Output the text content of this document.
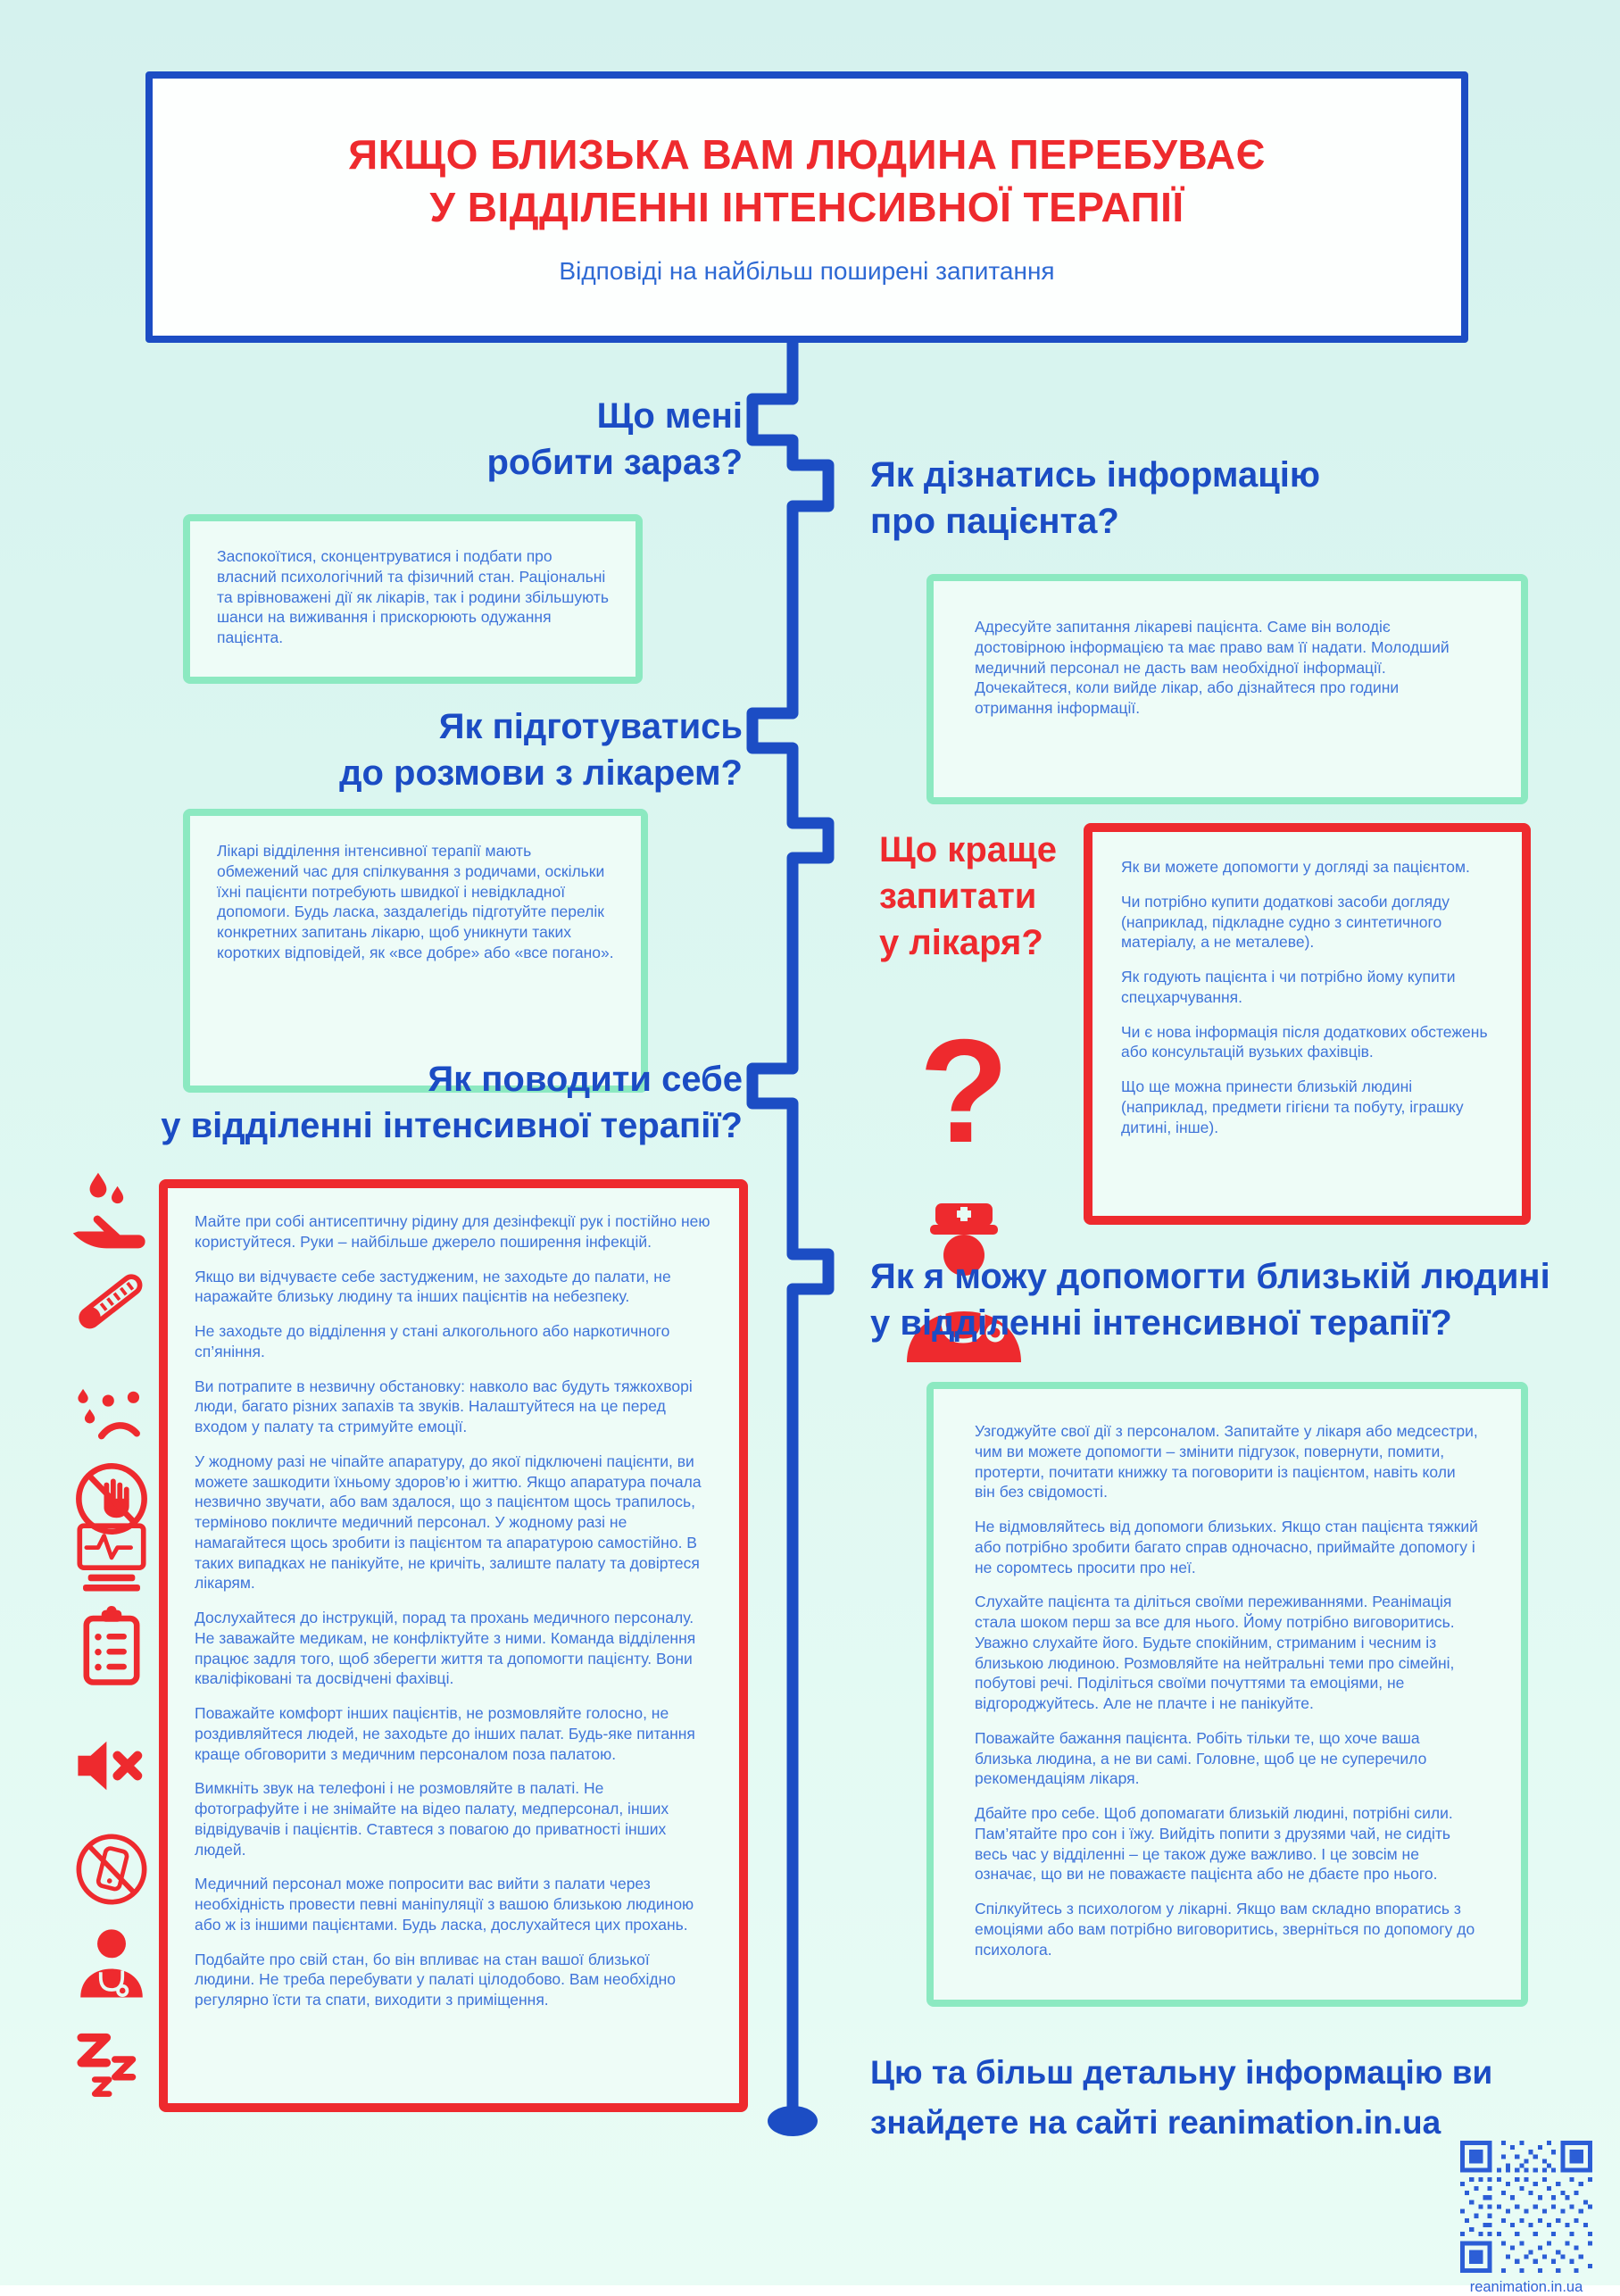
ЯКЩО БЛИЗЬКА ВАМ ЛЮДИНА ПЕРЕБУВАЄ
У ВІДДІЛЕННІ ІНТЕНСИВНОЇ ТЕРАПІЇ
Відповіді на найбільш поширені запитання
Що мені
робити зараз?

Заспокоїтися, сконцентруватися і подбати про власний психологічний та фізичний стан. Раціональні та врівноважені дії як лікарів, так і родини збільшують шанси на виживання і прискорюють одужання пацієнта.

Як дізнатись інформацію
про пацієнта?

Адресуйте запитання лікареві пацієнта. Саме він володіє достовірною інформацією та має право вам її надати. Молодший медичний персонал не дасть вам необхідної інформації. Дочекайтеся, коли вийде лікар, або дізнайтеся про години отримання інформації.

Як підготуватись
до розмови з лікарем?

Лікарі відділення інтенсивної терапії мають обмежений час для спілкування з родичами, оскільки їхні пацієнти потребують швидкої і невідкладної допомоги. Будь ласка, заздалегідь підготуйте перелік конкретних запитань лікарю, щоб уникнути таких коротких відповідей, як «все добре» або «все погано».

Що краще
запитати
у лікаря?
?

Як ви можете допомогти у догляді за пацієнтом.

Чи потрібно купити додаткові засоби догляду (наприклад, підкладне судно з синтетичного матеріалу, а не металеве).

Як годують пацієнта і чи потрібно йому купити спецхарчування.

Чи є нова інформація після додаткових обстежень або консультацій вузьких фахівців.

Що ще можна принести близькій людині (наприклад, предмети гігієни та побуту, іграшку дитині, інше).

Як поводити себе
у відділенні інтенсивної терапії?

Майте при собі антисептичну рідину для дезінфекції рук і постійно нею користуйтеся. Руки – найбільше джерело поширення інфекцій.

Якщо ви відчуваєте себе застудженим, не заходьте до палати, не наражайте близьку людину та інших пацієнтів на небезпеку.

Не заходьте до відділення у стані алкогольного або наркотичного сп’яніння.

Ви потрапите в незвичну обстановку: навколо вас будуть тяжкохворі люди, багато різних запахів та звуків. Налаштуйтеся на це перед входом у палату та стримуйте емоції.

У жодному разі не чіпайте апаратуру, до якої підключені пацієнти, ви можете зашкодити їхньому здоров’ю і життю. Якщо апаратура почала незвично звучати, або вам здалося, що з пацієнтом щось трапилось, терміново покличте медичний персонал. У жодному разі не намагайтеся щось зробити із пацієнтом та апаратурою самостійно. В таких випадках не панікуйте, не кричіть, залиште палату та довіртеся лікарям.

Дослухайтеся до інструкцій, порад та прохань медичного персоналу. Не заважайте медикам, не конфліктуйте з ними. Команда відділення працює задля того, щоб зберегти життя та допомогти пацієнту. Вони кваліфіковані та досвідчені фахівці.

Поважайте комфорт інших пацієнтів, не розмовляйте голосно, не роздивляйтеся людей, не заходьте до інших палат. Будь-яке питання краще обговорити з медичним персоналом поза палатою.

Вимкніть звук на телефоні і не розмовляйте в палаті. Не фотографуйте і не знімайте на відео палату, медперсонал, інших відвідувачів і пацієнтів. Ставтеся з повагою до приватності інших людей.

Медичний персонал може попросити вас вийти з палати через необхідність провести певні маніпуляції з вашою близькою людиною або ж із іншими пацієнтами. Будь ласка, дослухайтеся цих прохань.

Подбайте про свій стан, бо він впливає на стан вашої близької людини. Не треба перебувати у палаті цілодобово. Вам необхідно регулярно їсти та спати, виходити з приміщення.

Як я можу допомогти близькій людині
у відділенні інтенсивної терапії?

Узгоджуйте свої дії з персоналом. Запитайте у лікаря або медсестри, чим ви можете допомогти – змінити підгузок, повернути, помити, протерти, почитати книжку та поговорити із пацієнтом, навіть коли він без свідомості.

Не відмовляйтесь від допомоги близьких. Якщо стан пацієнта тяжкий або потрібно зробити багато справ одночасно, приймайте допомогу і не соромтесь просити про неї.

Слухайте пацієнта та діліться своїми переживаннями. Реанімація стала шоком перш за все для нього. Йому потрібно виговоритись. Уважно слухайте його. Будьте спокійним, стриманим і чесним із близькою людиною. Розмовляйте на нейтральні теми про сімейні, побутові речі. Поділіться своїми почуттями та емоціями, не відгороджуйтесь. Але не плачте і не панікуйте.

Поважайте бажання пацієнта. Робіть тільки те, що хоче ваша близька людина, а не ви самі. Головне, щоб це не суперечило рекомендаціям лікаря.

Дбайте про себе. Щоб допомагати близькій людині, потрібні сили. Пам’ятайте про сон і їжу. Вийдіть попити з друзями чай, не сидіть весь час у відділенні – це також дуже важливо. І це зовсім не означає, що ви не поважаєте пацієнта або не дбаєте про нього.

Спілкуйтесь з психологом у лікарні. Якщо вам складно впоратись з емоціями або вам потрібно виговоритись, зверніться по допомогу до психолога.

Цю та більш детальну інформацію ви
знайдете на сайті reanimation.in.ua
reanimation.in.ua
